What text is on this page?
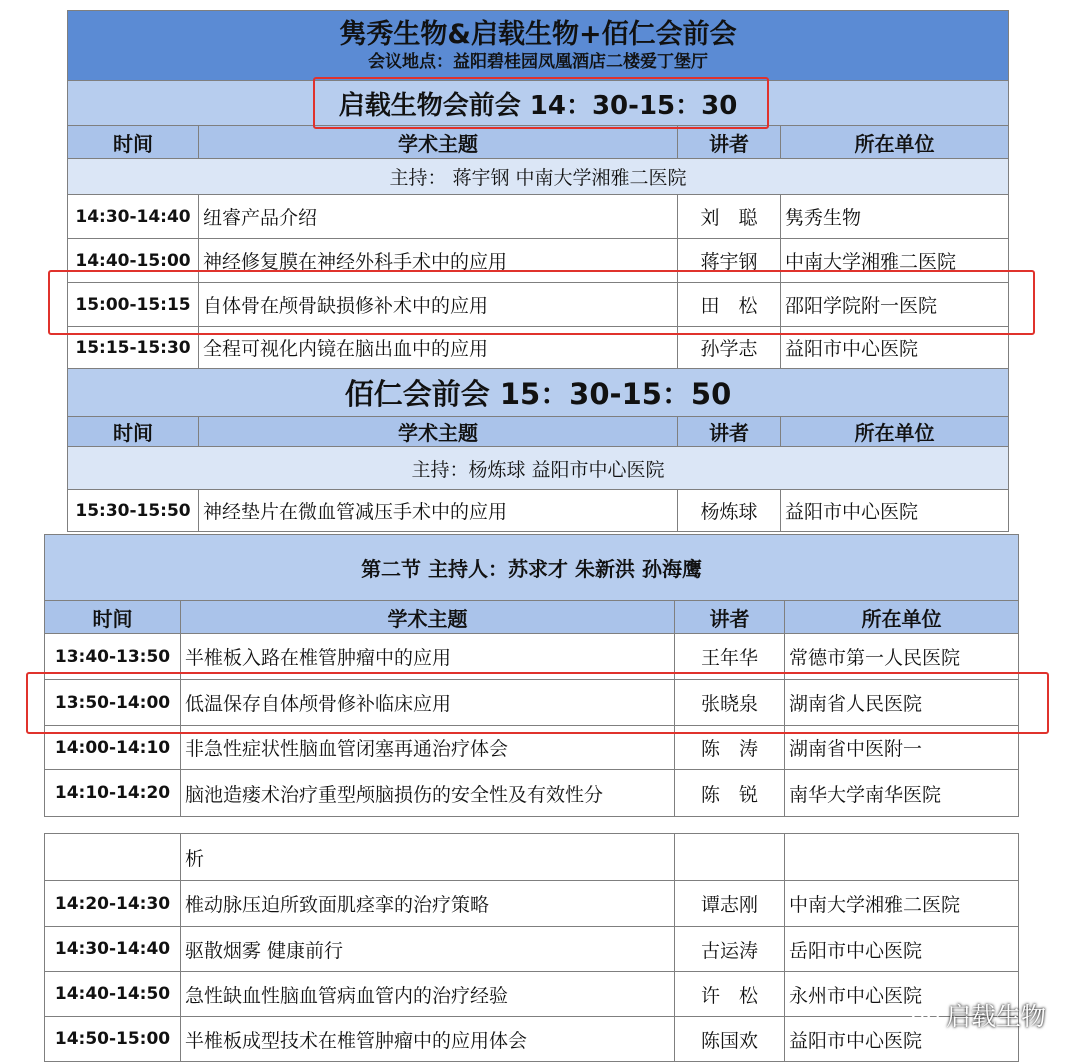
隽秀生物&启载生物+佰仁会前会
会议地点：益阳碧桂园凤凰酒店二楼爱丁堡厅			

启载生物会前会 14：30-15：30			
时间	学术主题	讲者	所在单位
主持： 蒋宇钢 中南大学湘雅二医院			
14:30-14:40	纽睿产品介绍	刘　聪	隽秀生物
14:40-15:00	神经修复膜在神经外科手术中的应用	蒋宇钢	中南大学湘雅二医院
15:00-15:15	自体骨在颅骨缺损修补术中的应用	田　松	邵阳学院附一医院
15:15-15:30	全程可视化内镜在脑出血中的应用	孙学志	益阳市中心医院
佰仁会前会 15：30-15：50			
时间	学术主题	讲者	所在单位
主持：杨炼球 益阳市中心医院			
15:30-15:50	神经垫片在微血管减压手术中的应用	杨炼球	益阳市中心医院
第二节 主持人：苏求才 朱新洪 孙海鹰			
时间	学术主题	讲者	所在单位
13:40-13:50	半椎板入路在椎管肿瘤中的应用	王年华	常德市第一人民医院
13:50-14:00	低温保存自体颅骨修补临床应用	张晓泉	湖南省人民医院
14:00-14:10	非急性症状性脑血管闭塞再通治疗体会	陈　涛	湖南省中医附一
14:10-14:20	脑池造瘘术治疗重型颅脑损伤的安全性及有效性分	陈　锐	南华大学南华医院
	析		
14:20-14:30	椎动脉压迫所致面肌痉挛的治疗策略	谭志刚	中南大学湘雅二医院
14:30-14:40	驱散烟雾 健康前行	古运涛	岳阳市中心医院
14:40-14:50	急性缺血性脑血管病血管内的治疗经验	许　松	永州市中心医院
14:50-15:00	半椎板成型技术在椎管肿瘤中的应用体会	陈国欢	益阳市中心医院
启载生物
